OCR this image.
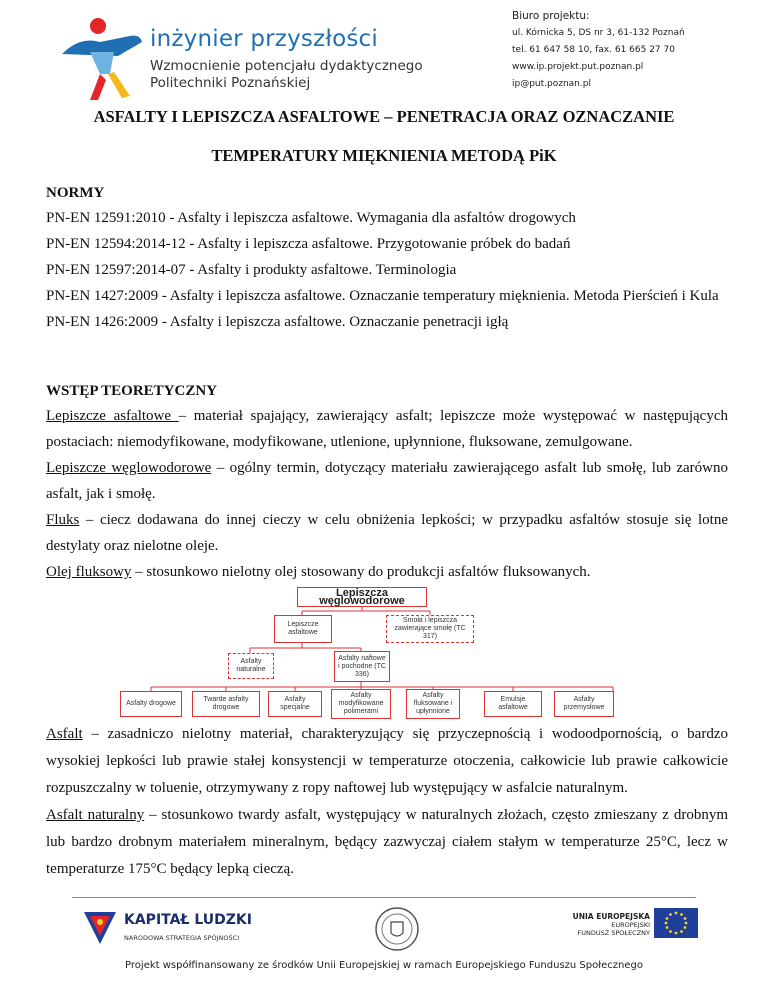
inżynier przyszłości
Wzmocnienie potencjału dydaktycznego
Politechniki Poznańskiej
Biuro projektu:
ul. Kórnicka 5, DS nr 3, 61-132 Poznań
tel. 61 647 58 10, fax. 61 665 27 70
www.ip.projekt.put.poznan.pl
ip@put.poznan.pl
ASFALTY I LEPISZCZA ASFALTOWE – PENETRACJA ORAZ OZNACZANIE
TEMPERATURY MIĘKNIENIA METODĄ PiK
NORMY

PN-EN 12591:2010 - Asfalty i lepiszcza asfaltowe. Wymagania dla asfaltów drogowych

PN-EN 12594:2014-12 - Asfalty i lepiszcza asfaltowe. Przygotowanie próbek do badań

PN-EN 12597:2014-07 - Asfalty i produkty asfaltowe. Terminologia

PN-EN 1427:2009 - Asfalty i lepiszcza asfaltowe. Oznaczanie temperatury mięknienia. Metoda Pierścień i Kula

PN-EN 1426:2009 - Asfalty i lepiszcza asfaltowe. Oznaczanie penetracji igłą

WSTĘP TEORETYCZNY

Lepiszcze asfaltowe – materiał spajający, zawierający asfalt; lepiszcze może występować w następujących postaciach: niemodyfikowane, modyfikowane, utlenione, upłynnione, fluksowane, zemulgowane.

Lepiszcze węglowodorowe – ogólny termin, dotyczący materiału zawierającego asfalt lub smołę, lub zarówno asfalt, jak i smołę.

Fluks – ciecz dodawana do innej cieczy w celu obniżenia lepkości; w przypadku asfaltów stosuje się lotne destylaty oraz nielotne oleje.

Olej fluksowy – stosunkowo nielotny olej stosowany do produkcji asfaltów fluksowanych.

Lepiszcza węglowodorowe
Lepiszcze asfaltowe
Smoła i lepiszcza zawierające smołę (TC 317)
Asfalty naturalne
Asfalty naftowe i pochodne (TC 336)
Asfalty drogowe
Twarde asfalty drogowe
Asfalty specjalne
Asfalty modyfikowane polimerami
Asfalty fluksowane i upłynnione
Emulsje asfaltowe
Asfalty przemysłowe

Asfalt – zasadniczo nielotny materiał, charakteryzujący się przyczepnością i wodoodpornością, o bardzo wysokiej lepkości lub prawie stałej konsystencji w temperaturze otoczenia, całkowicie lub prawie całkowicie rozpuszczalny w toluenie, otrzymywany z ropy naftowej lub występujący w asfalcie naturalnym.

Asfalt naturalny – stosunkowo twardy asfalt, występujący w naturalnych złożach, często zmieszany z drobnym lub bardzo drobnym materiałem mineralnym, będący zazwyczaj ciałem stałym w temperaturze 25°C, lecz w temperaturze 175°C będący lepką cieczą.

KAPITAŁ LUDZKI
NARODOWA STRATEGIA SPÓJNOŚCI
UNIA EUROPEJSKA
EUROPEJSKI
FUNDUSZ SPOŁECZNY
Projekt współfinansowany ze środków Unii Europejskiej w ramach Europejskiego Funduszu Społecznego
